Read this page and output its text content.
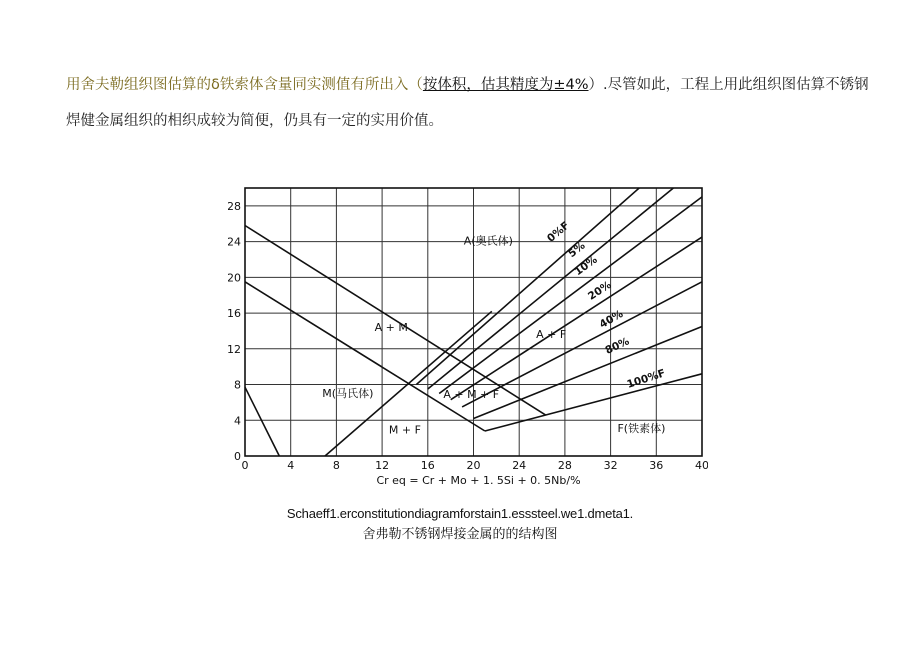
用舍夫勒组织图估算的δ铁索体含量同实测值有所出入（按体积，估其精度为±4%）.尽管如此，工程上用此组织图估算不锈钢
焊健金属组织的相织成较为简便，仍具有一定的实用价值。
0	4	8	12	16	20	24	28	32	36	40
0
4
8
12
16
20
24
28
Cr eq = Cr + Mo + 1. 5Si + 0. 5Nb/%
A(奥氏体)
A + M
A + F
M(马氏体)	A + M + F
M + F	F(铁素体)
0%F
5%
10%
20%
40%
80%
100%F
Schaeff1.erconstitutiondiagramforstain1.esssteel.we1.dmeta1.
舍弗勒不锈钢焊接金属的的结构图
